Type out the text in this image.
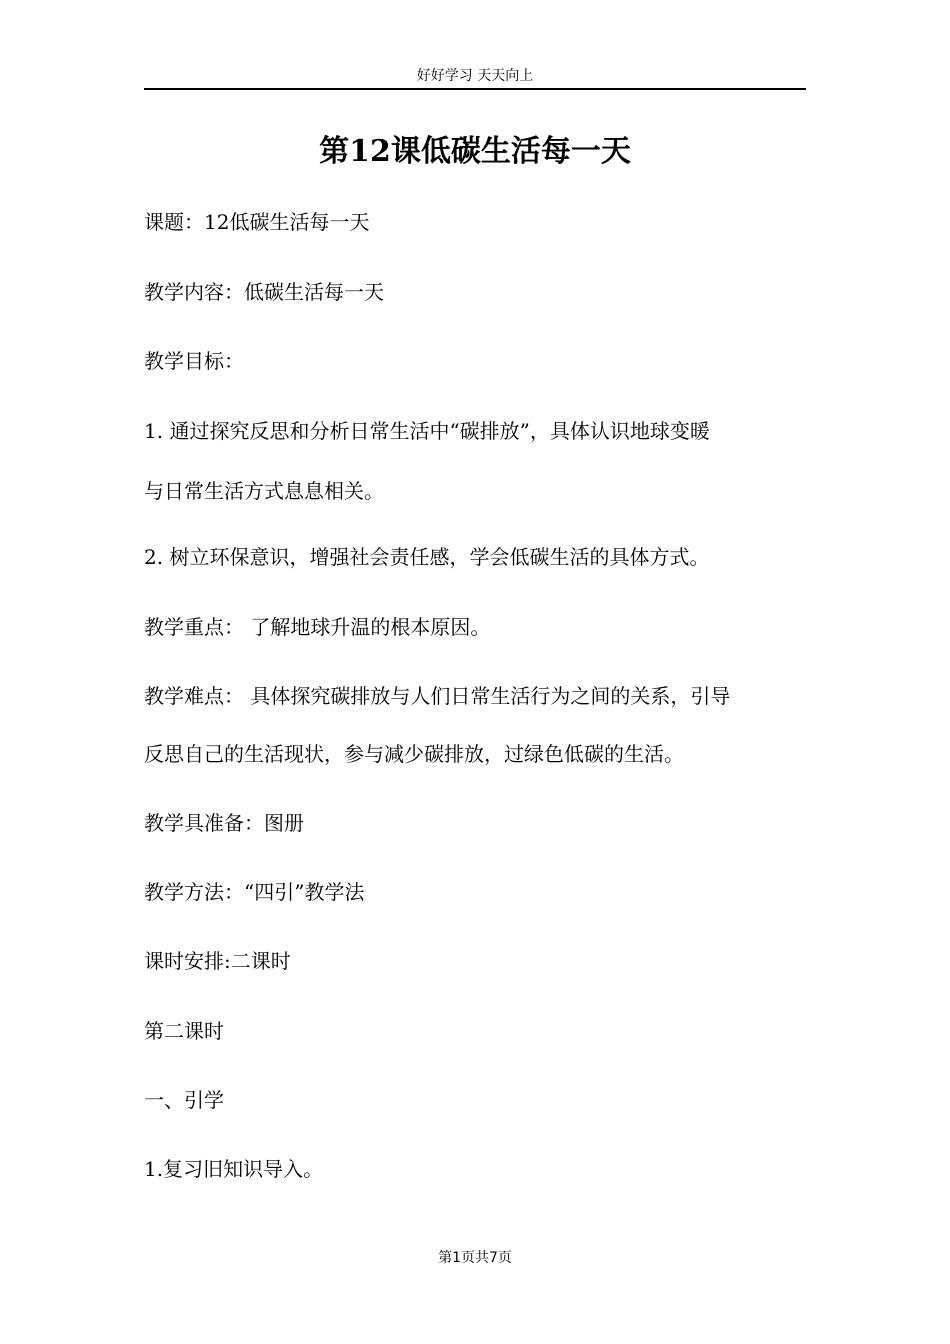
好好学习 天天向上
第12课低碳生活每一天
课题：12低碳生活每一天
教学内容：低碳生活每一天
教学目标：
1. 通过探究反思和分析日常生活中“碳排放”，具体认识地球变暖
与日常生活方式息息相关。
2. 树立环保意识，增强社会责任感，学会低碳生活的具体方式。
教学重点： 了解地球升温的根本原因。
教学难点： 具体探究碳排放与人们日常生活行为之间的关系，引导
反思自己的生活现状，参与减少碳排放，过绿色低碳的生活。
教学具准备：图册
教学方法：“四引”教学法
课时安排:二课时
第二课时
一、引学
1.复习旧知识导入。
第1页共7页
